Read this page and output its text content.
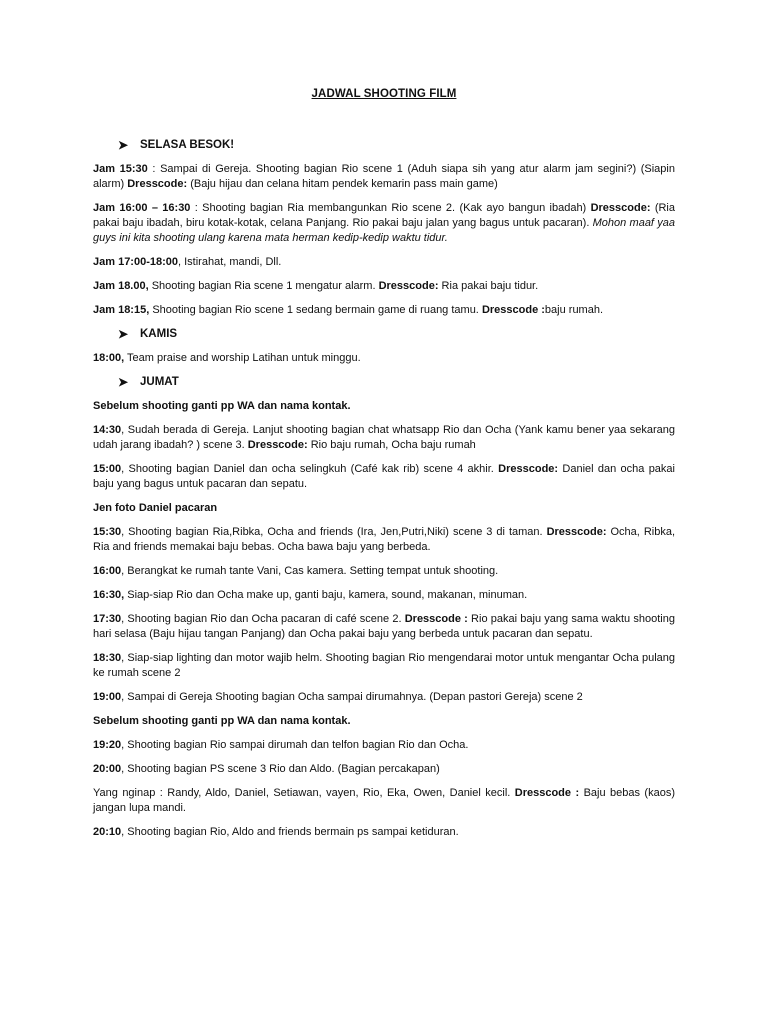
JADWAL SHOOTING FILM
➤	SELASA BESOK!

Jam 15:30 : Sampai di Gereja. Shooting bagian Rio scene 1 (Aduh siapa sih yang atur alarm jam segini?) (Siapin alarm) Dresscode: (Baju hijau dan celana hitam pendek kemarin pass main game)

Jam 16:00 – 16:30 : Shooting bagian Ria membangunkan Rio scene 2. (Kak ayo bangun ibadah) Dresscode: (Ria pakai baju ibadah, biru kotak-kotak, celana Panjang. Rio pakai baju jalan yang bagus untuk pacaran). Mohon maaf yaa guys ini kita shooting ulang karena mata herman kedip-kedip waktu tidur.

Jam 17:00-18:00, Istirahat, mandi, Dll.

Jam 18.00, Shooting bagian Ria scene 1 mengatur alarm. Dresscode: Ria pakai baju tidur.

Jam 18:15, Shooting bagian Rio scene 1 sedang bermain game di ruang tamu. Dresscode :baju rumah.

➤	KAMIS

18:00, Team praise and worship Latihan untuk minggu.

➤	JUMAT

Sebelum shooting ganti pp WA dan nama kontak.

14:30, Sudah berada di Gereja. Lanjut shooting bagian chat whatsapp Rio dan Ocha (Yank kamu bener yaa sekarang udah jarang ibadah? ) scene 3. Dresscode: Rio baju rumah, Ocha baju rumah

15:00, Shooting bagian Daniel dan ocha selingkuh (Café kak rib) scene 4 akhir. Dresscode: Daniel dan ocha pakai baju yang bagus untuk pacaran dan sepatu.

Jen foto Daniel pacaran

15:30, Shooting bagian Ria,Ribka, Ocha and friends (Ira, Jen,Putri,Niki) scene 3 di taman. Dresscode: Ocha, Ribka, Ria and friends memakai baju bebas. Ocha bawa baju yang berbeda.

16:00, Berangkat ke rumah tante Vani, Cas kamera. Setting tempat untuk shooting.

16:30, Siap-siap Rio dan Ocha make up, ganti baju, kamera, sound, makanan, minuman.

17:30, Shooting bagian Rio dan Ocha pacaran di café scene 2. Dresscode : Rio pakai baju yang sama waktu shooting hari selasa (Baju hijau tangan Panjang) dan Ocha pakai baju yang berbeda untuk pacaran dan sepatu.

18:30, Siap-siap lighting dan motor wajib helm. Shooting bagian Rio mengendarai motor untuk mengantar Ocha pulang ke rumah scene 2

19:00, Sampai di Gereja Shooting bagian Ocha sampai dirumahnya. (Depan pastori Gereja) scene 2

Sebelum shooting ganti pp WA dan nama kontak.

19:20, Shooting bagian Rio sampai dirumah dan telfon bagian Rio dan Ocha.

20:00, Shooting bagian PS scene 3 Rio dan Aldo. (Bagian percakapan)

Yang nginap : Randy, Aldo, Daniel, Setiawan, vayen, Rio, Eka, Owen, Daniel kecil. Dresscode : Baju bebas (kaos) jangan lupa mandi.

20:10, Shooting bagian Rio, Aldo and friends bermain ps sampai ketiduran.
